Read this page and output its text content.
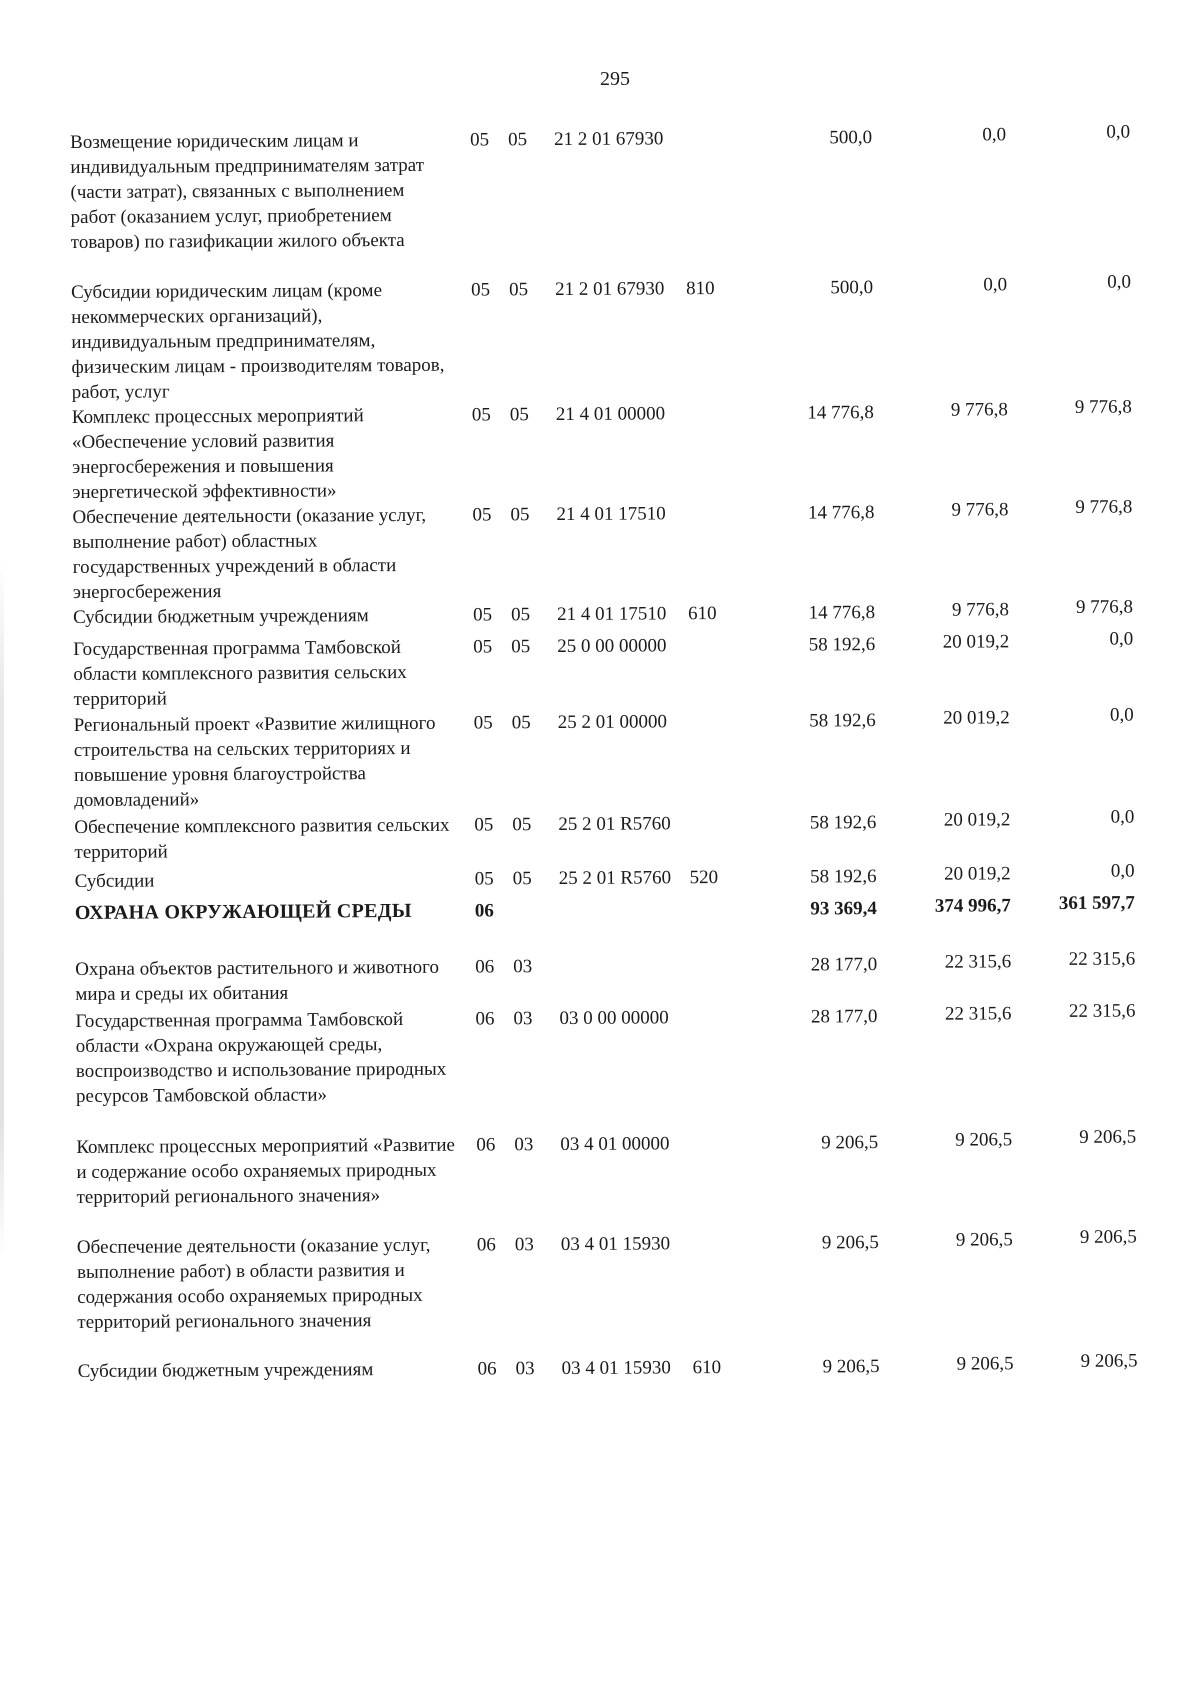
295
Возмещение юридическим лицам и индивидуальным предпринимателям затрат (части затрат), связанных с выполнением работ (оказанием услуг, приобретением товаров) по газификации жилого объекта
05 05 21 2 01 67930	500,0	0,0	0,0
Субсидии юридическим лицам (кроме некоммерческих организаций), индивидуальным предпринимателям, физическим лицам - производителям товаров, работ, услуг
05 05 21 2 01 67930 810	500,0	0,0	0,0
Комплекс процессных мероприятий «Обеспечение условий развития энергосбережения и повышения энергетической эффективности»
05 05 21 4 01 00000	14 776,8	9 776,8	9 776,8
Обеспечение деятельности (оказание услуг, выполнение работ) областных государственных учреждений в области энергосбережения
05 05 21 4 01 17510	14 776,8	9 776,8	9 776,8
Субсидии бюджетным учреждениям	05 05 21 4 01 17510 610	14 776,8	9 776,8	9 776,8
Государственная программа Тамбовской области комплексного развития сельских территорий
05 05 25 0 00 00000	58 192,6	20 019,2	0,0
Региональный проект «Развитие жилищного строительства на сельских территориях и повышение уровня благоустройства домовладений»
05 05 25 2 01 00000	58 192,6	20 019,2	0,0
Обеспечение комплексного развития сельских территорий
05 05 25 2 01 R5760	58 192,6	20 019,2	0,0
Субсидии	05 05 25 2 01 R5760 520	58 192,6	20 019,2	0,0
ОХРАНА ОКРУЖАЮЩЕЙ СРЕДЫ	06	93 369,4	374 996,7	361 597,7
Охрана объектов растительного и животного мира и среды их обитания
06 03	28 177,0	22 315,6	22 315,6
Государственная программа Тамбовской области «Охрана окружающей среды, воспроизводство и использование природных ресурсов Тамбовской области»
06 03 03 0 00 00000	28 177,0	22 315,6	22 315,6
Комплекс процессных мероприятий «Развитие и содержание особо охраняемых природных территорий регионального значения»
06 03 03 4 01 00000	9 206,5	9 206,5	9 206,5
Обеспечение деятельности (оказание услуг, выполнение работ) в области развития и содержания особо охраняемых природных территорий регионального значения
06 03 03 4 01 15930	9 206,5	9 206,5	9 206,5
Субсидии бюджетным учреждениям	06 03 03 4 01 15930 610	9 206,5	9 206,5	9 206,5
